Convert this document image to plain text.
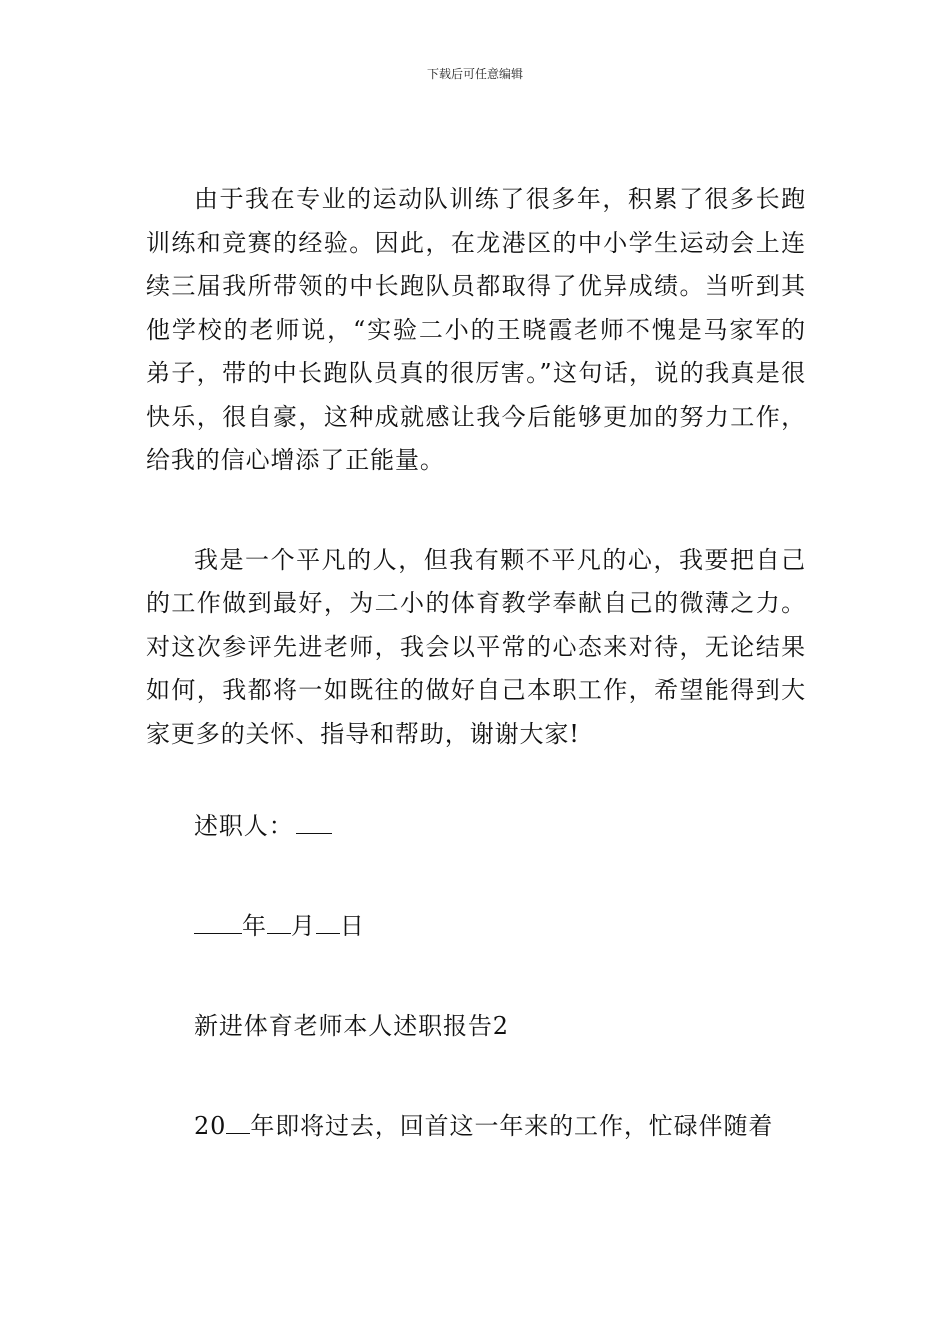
下载后可任意编辑

由于我在专业的运动队训练了很多年，积累了很多长跑训练和竞赛的经验。因此，在龙港区的中小学生运动会上连续三届我所带领的中长跑队员都取得了优异成绩。当听到其他学校的老师说，“实验二小的王晓霞老师不愧是马家军的弟子，带的中长跑队员真的很厉害。”这句话，说的我真是很快乐，很自豪，这种成就感让我今后能够更加的努力工作，给我的信心增添了正能量。

我是一个平凡的人，但我有颗不平凡的心，我要把自己的工作做到最好，为二小的体育教学奉献自己的微薄之力。对这次参评先进老师，我会以平常的心态来对待，无论结果如何，我都将一如既往的做好自己本职工作，希望能得到大家更多的关怀、指导和帮助，谢谢大家!

述职人：

年 月 日

新进体育老师本人述职报告2

20 年即将过去，回首这一年来的工作，忙碌伴随着
